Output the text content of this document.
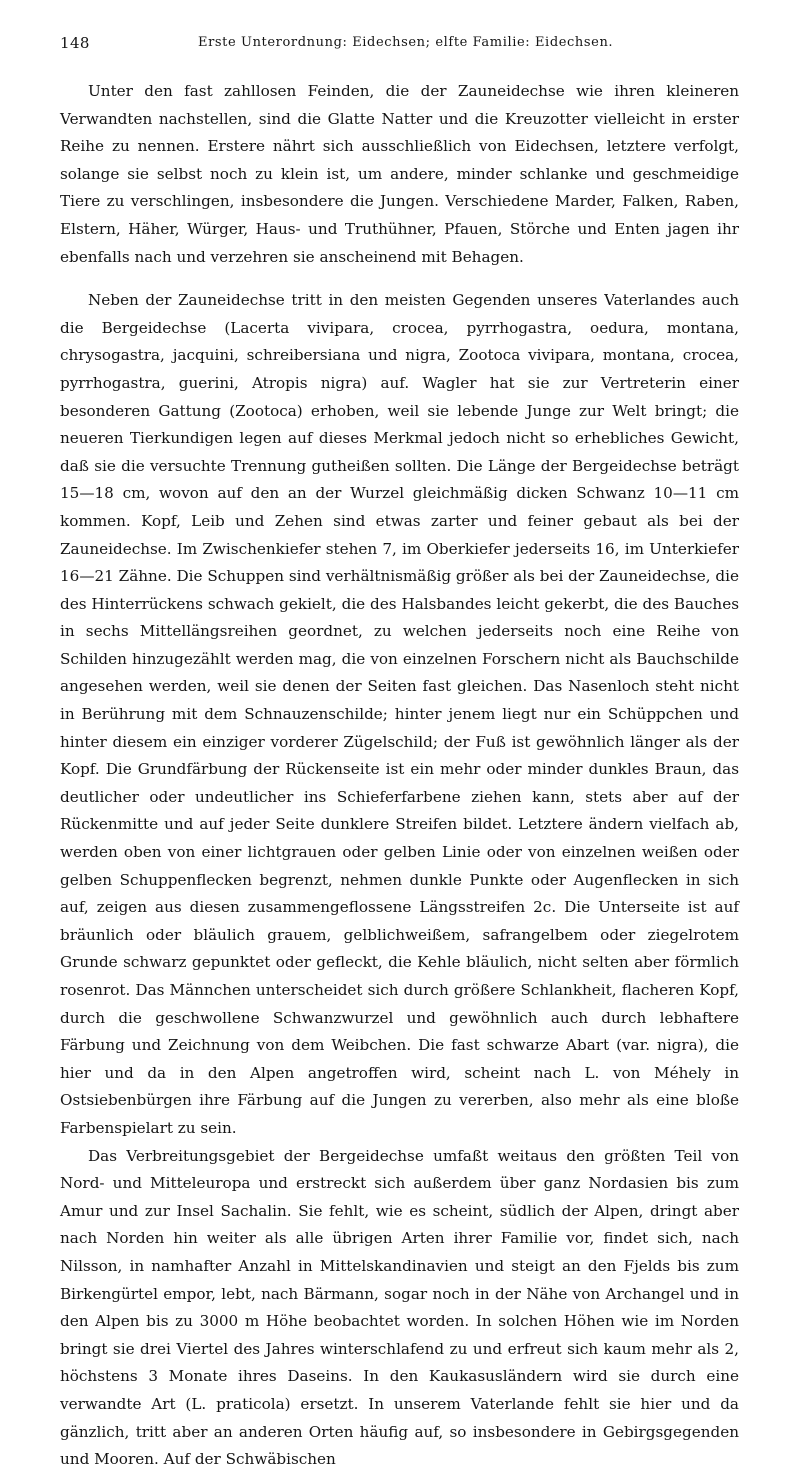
148	Erste Unterordnung: Eidechsen; elfte Familie: Eidechsen.

Unter den fast zahllosen Feinden, die der Zauneidechse wie ihren kleineren Verwandten nachstellen, sind die Glatte Natter und die Kreuzotter vielleicht in erster Reihe zu nennen. Erstere nährt sich ausschließlich von Eidechsen, letztere verfolgt, solange sie selbst noch zu klein ist, um andere, minder schlanke und geschmeidige Tiere zu verschlingen, insbesondere die Jungen. Verschiedene Marder, Falken, Raben, Elstern, Häher, Würger, Haus- und Truthühner, Pfauen, Störche und Enten jagen ihr ebenfalls nach und verzehren sie anscheinend mit Behagen.

Neben der Zauneidechse tritt in den meisten Gegenden unseres Vaterlandes auch die Bergeidechse (Lacerta vivipara, crocea, pyrrhogastra, oedura, montana, chrysogastra, jacquini, schreibersiana und nigra, Zootoca vivipara, montana, crocea, pyrrhogastra, guerini, Atropis nigra) auf. Wagler hat sie zur Vertreterin einer besonderen Gattung (Zootoca) erhoben, weil sie lebende Junge zur Welt bringt; die neueren Tierkundigen legen auf dieses Merkmal jedoch nicht so erhebliches Gewicht, daß sie die versuchte Trennung gutheißen sollten. Die Länge der Bergeidechse beträgt 15—18 cm, wovon auf den an der Wurzel gleichmäßig dicken Schwanz 10—11 cm kommen. Kopf, Leib und Zehen sind etwas zarter und feiner gebaut als bei der Zauneidechse. Im Zwischenkiefer stehen 7, im Oberkiefer jederseits 16, im Unterkiefer 16—21 Zähne. Die Schuppen sind verhältnismäßig größer als bei der Zauneidechse, die des Hinterrückens schwach gekielt, die des Halsbandes leicht gekerbt, die des Bauches in sechs Mittellängsreihen geordnet, zu welchen jederseits noch eine Reihe von Schilden hinzugezählt werden mag, die von einzelnen Forschern nicht als Bauchschilde angesehen werden, weil sie denen der Seiten fast gleichen. Das Nasenloch steht nicht in Berührung mit dem Schnauzenschilde; hinter jenem liegt nur ein Schüppchen und hinter diesem ein einziger vorderer Zügelschild; der Fuß ist gewöhnlich länger als der Kopf. Die Grundfärbung der Rückenseite ist ein mehr oder minder dunkles Braun, das deutlicher oder undeutlicher ins Schieferfarbene ziehen kann, stets aber auf der Rückenmitte und auf jeder Seite dunklere Streifen bildet. Letztere ändern vielfach ab, werden oben von einer lichtgrauen oder gelben Linie oder von einzelnen weißen oder gelben Schuppenflecken begrenzt, nehmen dunkle Punkte oder Augenflecken in sich auf, zeigen aus diesen zusammengeflossene Längsstreifen 2c. Die Unterseite ist auf bräunlich oder bläulich grauem, gelblichweißem, safrangelbem oder ziegelrotem Grunde schwarz gepunktet oder gefleckt, die Kehle bläulich, nicht selten aber förmlich rosenrot. Das Männchen unterscheidet sich durch größere Schlankheit, flacheren Kopf, durch die geschwollene Schwanzwurzel und gewöhnlich auch durch lebhaftere Färbung und Zeichnung von dem Weibchen. Die fast schwarze Abart (var. nigra), die hier und da in den Alpen angetroffen wird, scheint nach L. von Méhely in Ostsiebenbürgen ihre Färbung auf die Jungen zu vererben, also mehr als eine bloße Farbenspielart zu sein.

Das Verbreitungsgebiet der Bergeidechse umfaßt weitaus den größten Teil von Nord- und Mitteleuropa und erstreckt sich außerdem über ganz Nordasien bis zum Amur und zur Insel Sachalin. Sie fehlt, wie es scheint, südlich der Alpen, dringt aber nach Norden hin weiter als alle übrigen Arten ihrer Familie vor, findet sich, nach Nilsson, in namhafter Anzahl in Mittelskandinavien und steigt an den Fjelds bis zum Birkengürtel empor, lebt, nach Bärmann, sogar noch in der Nähe von Archangel und in den Alpen bis zu 3000 m Höhe beobachtet worden. In solchen Höhen wie im Norden bringt sie drei Viertel des Jahres winterschlafend zu und erfreut sich kaum mehr als 2, höchstens 3 Monate ihres Daseins. In den Kaukasusländern wird sie durch eine verwandte Art (L. praticola) ersetzt. In unserem Vaterlande fehlt sie hier und da gänzlich, tritt aber an anderen Orten häufig auf, so insbesondere in Gebirgsgegenden und Mooren. Auf der Schwäbischen
